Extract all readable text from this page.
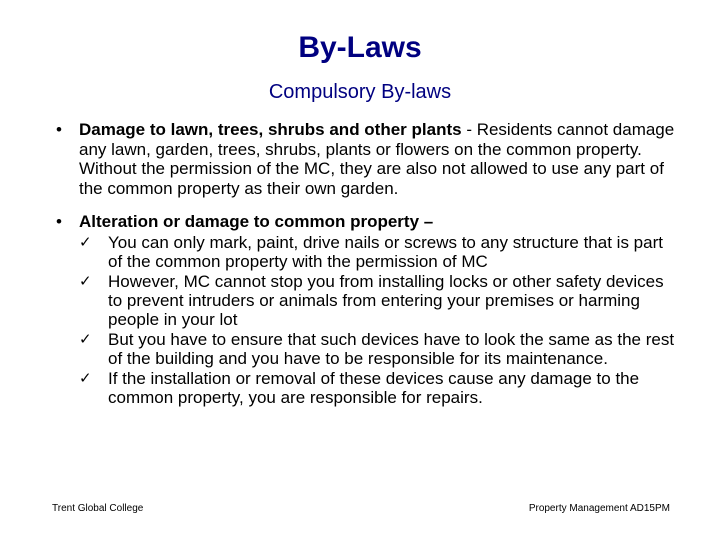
By-Laws
Compulsory By-laws
• Damage to lawn, trees, shrubs and other plants - Residents cannot damage any lawn, garden, trees, shrubs, plants or flowers on the common property. Without the permission of the MC, they are also not allowed to use any part of the common property as their own garden.
• Alteration or damage to common property –
✓ You can only mark, paint, drive nails or screws to any structure that is part of the common property with the permission of MC
✓ However, MC cannot stop you from installing locks or other safety devices to prevent intruders or animals from entering your premises or harming people in your lot
✓ But you have to ensure that such devices have to look the same as the rest of the building and you have to be responsible for its maintenance.
✓ If the installation or removal of these devices cause any damage to the common property, you are responsible for repairs.
Trent Global College	Property Management AD15PM
